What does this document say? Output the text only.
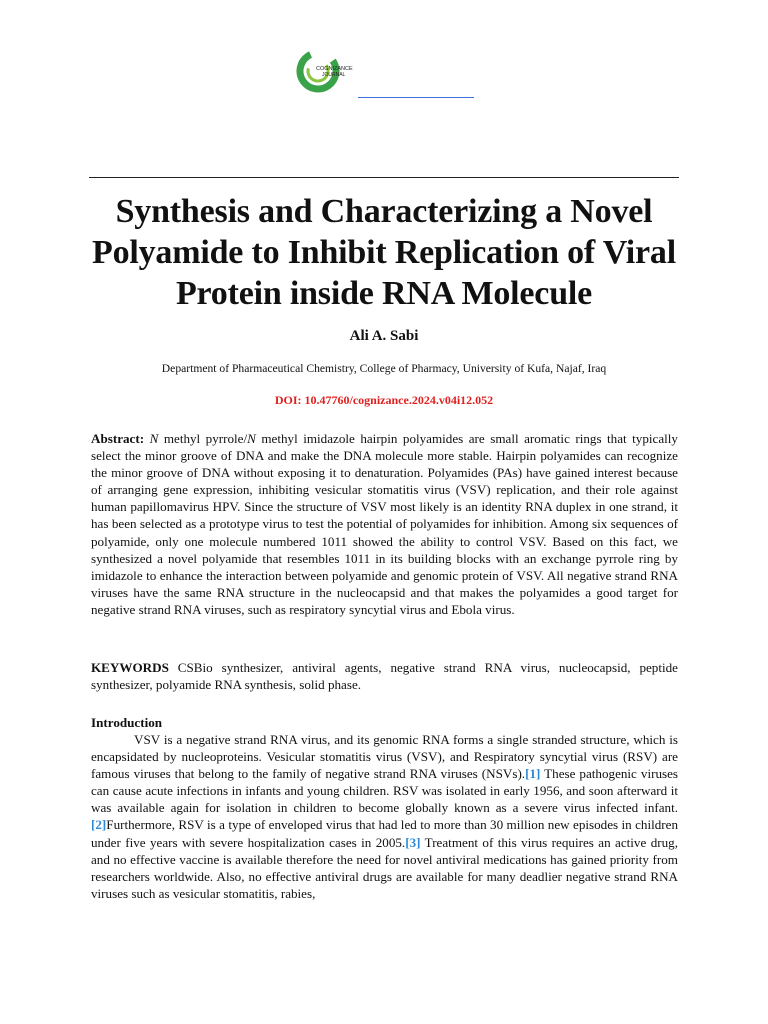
COGNIZANCE
JOURNAL
Synthesis and Characterizing a Novel Polyamide to Inhibit Replication of Viral Protein inside RNA Molecule
Ali A. Sabi
Department of Pharmaceutical Chemistry, College of Pharmacy, University of Kufa, Najaf, Iraq
DOI: 10.47760/cognizance.2024.v04i12.052

Abstract: N methyl pyrrole/N methyl imidazole hairpin polyamides are small aromatic rings that typically select the minor groove of DNA and make the DNA molecule more stable. Hairpin polyamides can recognize the minor groove of DNA without exposing it to denaturation. Polyamides (PAs) have gained interest because of arranging gene expression, inhibiting vesicular stomatitis virus (VSV) replication, and their role against human papillomavirus HPV. Since the structure of VSV most likely is an identity RNA duplex in one strand, it has been selected as a prototype virus to test the potential of polyamides for inhibition. Among six sequences of polyamide, only one molecule numbered 1011 showed the ability to control VSV. Based on this fact, we synthesized a novel polyamide that resembles 1011 in its building blocks with an exchange pyrrole ring by imidazole to enhance the interaction between polyamide and genomic protein of VSV. All negative strand RNA viruses have the same RNA structure in the nucleocapsid and that makes the polyamides a good target for negative strand RNA viruses, such as respiratory syncytial virus and Ebola virus.

KEYWORDS CSBio synthesizer, antiviral agents, negative strand RNA virus, nucleocapsid, peptide synthesizer, polyamide RNA synthesis, solid phase.

Introduction

VSV is a negative strand RNA virus, and its genomic RNA forms a single stranded structure, which is encapsidated by nucleoproteins. Vesicular stomatitis virus (VSV), and Respiratory syncytial virus (RSV) are famous viruses that belong to the family of negative strand RNA viruses (NSVs).[1] These pathogenic viruses can cause acute infections in infants and young children. RSV was isolated in early 1956, and soon afterward it was available again for isolation in children to become globally known as a severe virus infected infant.[2]Furthermore, RSV is a type of enveloped virus that had led to more than 30 million new episodes in children under five years with severe hospitalization cases in 2005.[3] Treatment of this virus requires an active drug, and no effective vaccine is available therefore the need for novel antiviral medications has gained priority from researchers worldwide. Also, no effective antiviral drugs are available for many deadlier negative strand RNA viruses such as vesicular stomatitis, rabies,
